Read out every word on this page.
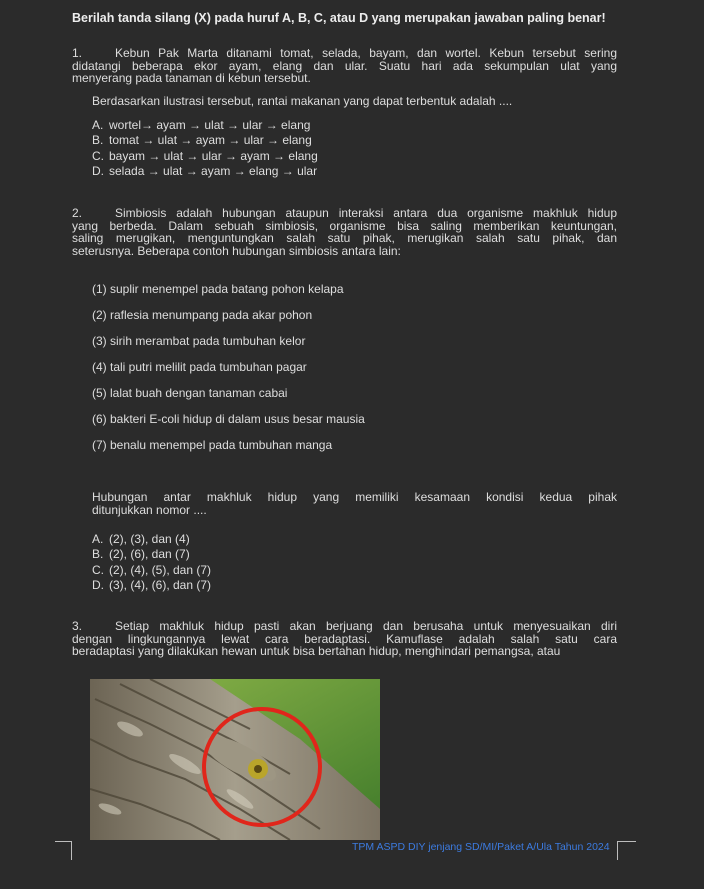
Berilah tanda silang (X) pada huruf A, B, C, atau D yang merupakan jawaban paling benar!
1.	Kebun Pak Marta ditanami tomat, selada, bayam, dan wortel. Kebun tersebut sering
didatangi beberapa ekor ayam, elang dan ular. Suatu hari ada sekumpulan ulat yang
menyerang pada tanaman di kebun tersebut.
Berdasarkan ilustrasi tersebut, rantai makanan yang dapat terbentuk adalah ....
A. wortel→ ayam → ulat → ular → elang
B. tomat → ulat → ayam → ular → elang
C. bayam → ulat → ular → ayam → elang
D. selada → ulat → ayam → elang → ular
2.	Simbiosis adalah hubungan ataupun interaksi antara dua organisme makhluk hidup
yang berbeda. Dalam sebuah simbiosis, organisme bisa saling memberikan keuntungan,
saling merugikan, menguntungkan salah satu pihak, merugikan salah satu pihak, dan
seterusnya. Beberapa contoh hubungan simbiosis antara lain:
(1) suplir menempel pada batang pohon kelapa
(2) raflesia menumpang pada akar pohon
(3) sirih merambat pada tumbuhan kelor
(4) tali putri melilit pada tumbuhan pagar
(5) lalat buah dengan tanaman cabai
(6) bakteri E-coli hidup di dalam usus besar mausia
(7) benalu menempel pada tumbuhan manga
Hubungan antar makhluk hidup yang memiliki kesamaan kondisi kedua pihak
ditunjukkan nomor ....
A. (2), (3), dan (4)
B. (2), (6), dan (7)
C. (2), (4), (5), dan (7)
D. (3), (4), (6), dan (7)
3.	Setiap makhluk hidup pasti akan berjuang dan berusaha untuk menyesuaikan diri
dengan lingkungannya lewat cara beradaptasi. Kamuflase adalah salah satu cara
beradaptasi yang dilakukan hewan untuk bisa bertahan hidup, menghindari pemangsa, atau
TPM ASPD DIY jenjang SD/MI/Paket A/Ula Tahun 2024
